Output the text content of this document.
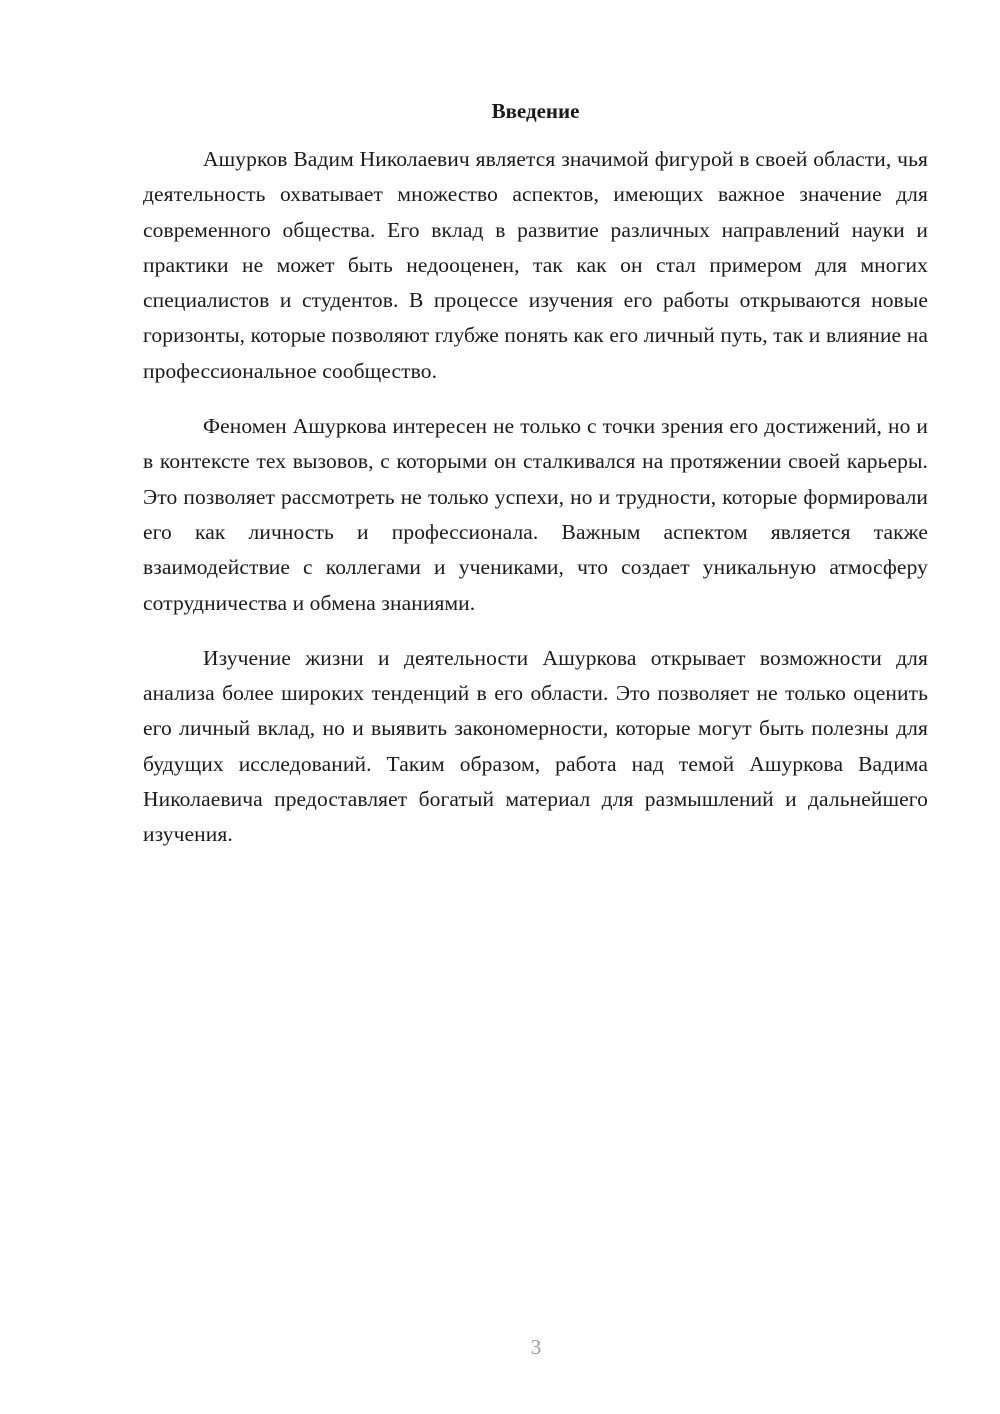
Введение

Ашурков Вадим Николаевич является значимой фигурой в своей области, чья деятельность охватывает множество аспектов, имеющих важное значение для современного общества. Его вклад в развитие различных направлений науки и практики не может быть недооценен, так как он стал примером для многих специалистов и студентов. В процессе изучения его работы открываются новые горизонты, которые позволяют глубже понять как его личный путь, так и влияние на профессиональное сообщество.

Феномен Ашуркова интересен не только с точки зрения его достижений, но и в контексте тех вызовов, с которыми он сталкивался на протяжении своей карьеры. Это позволяет рассмотреть не только успехи, но и трудности, которые формировали его как личность и профессионала. Важным аспектом является также взаимодействие с коллегами и учениками, что создает уникальную атмосферу сотрудничества и обмена знаниями.

Изучение жизни и деятельности Ашуркова открывает возможности для анализа более широких тенденций в его области. Это позволяет не только оценить его личный вклад, но и выявить закономерности, которые могут быть полезны для будущих исследований. Таким образом, работа над темой Ашуркова Вадима Николаевича предоставляет богатый материал для размышлений и дальнейшего изучения.

3
